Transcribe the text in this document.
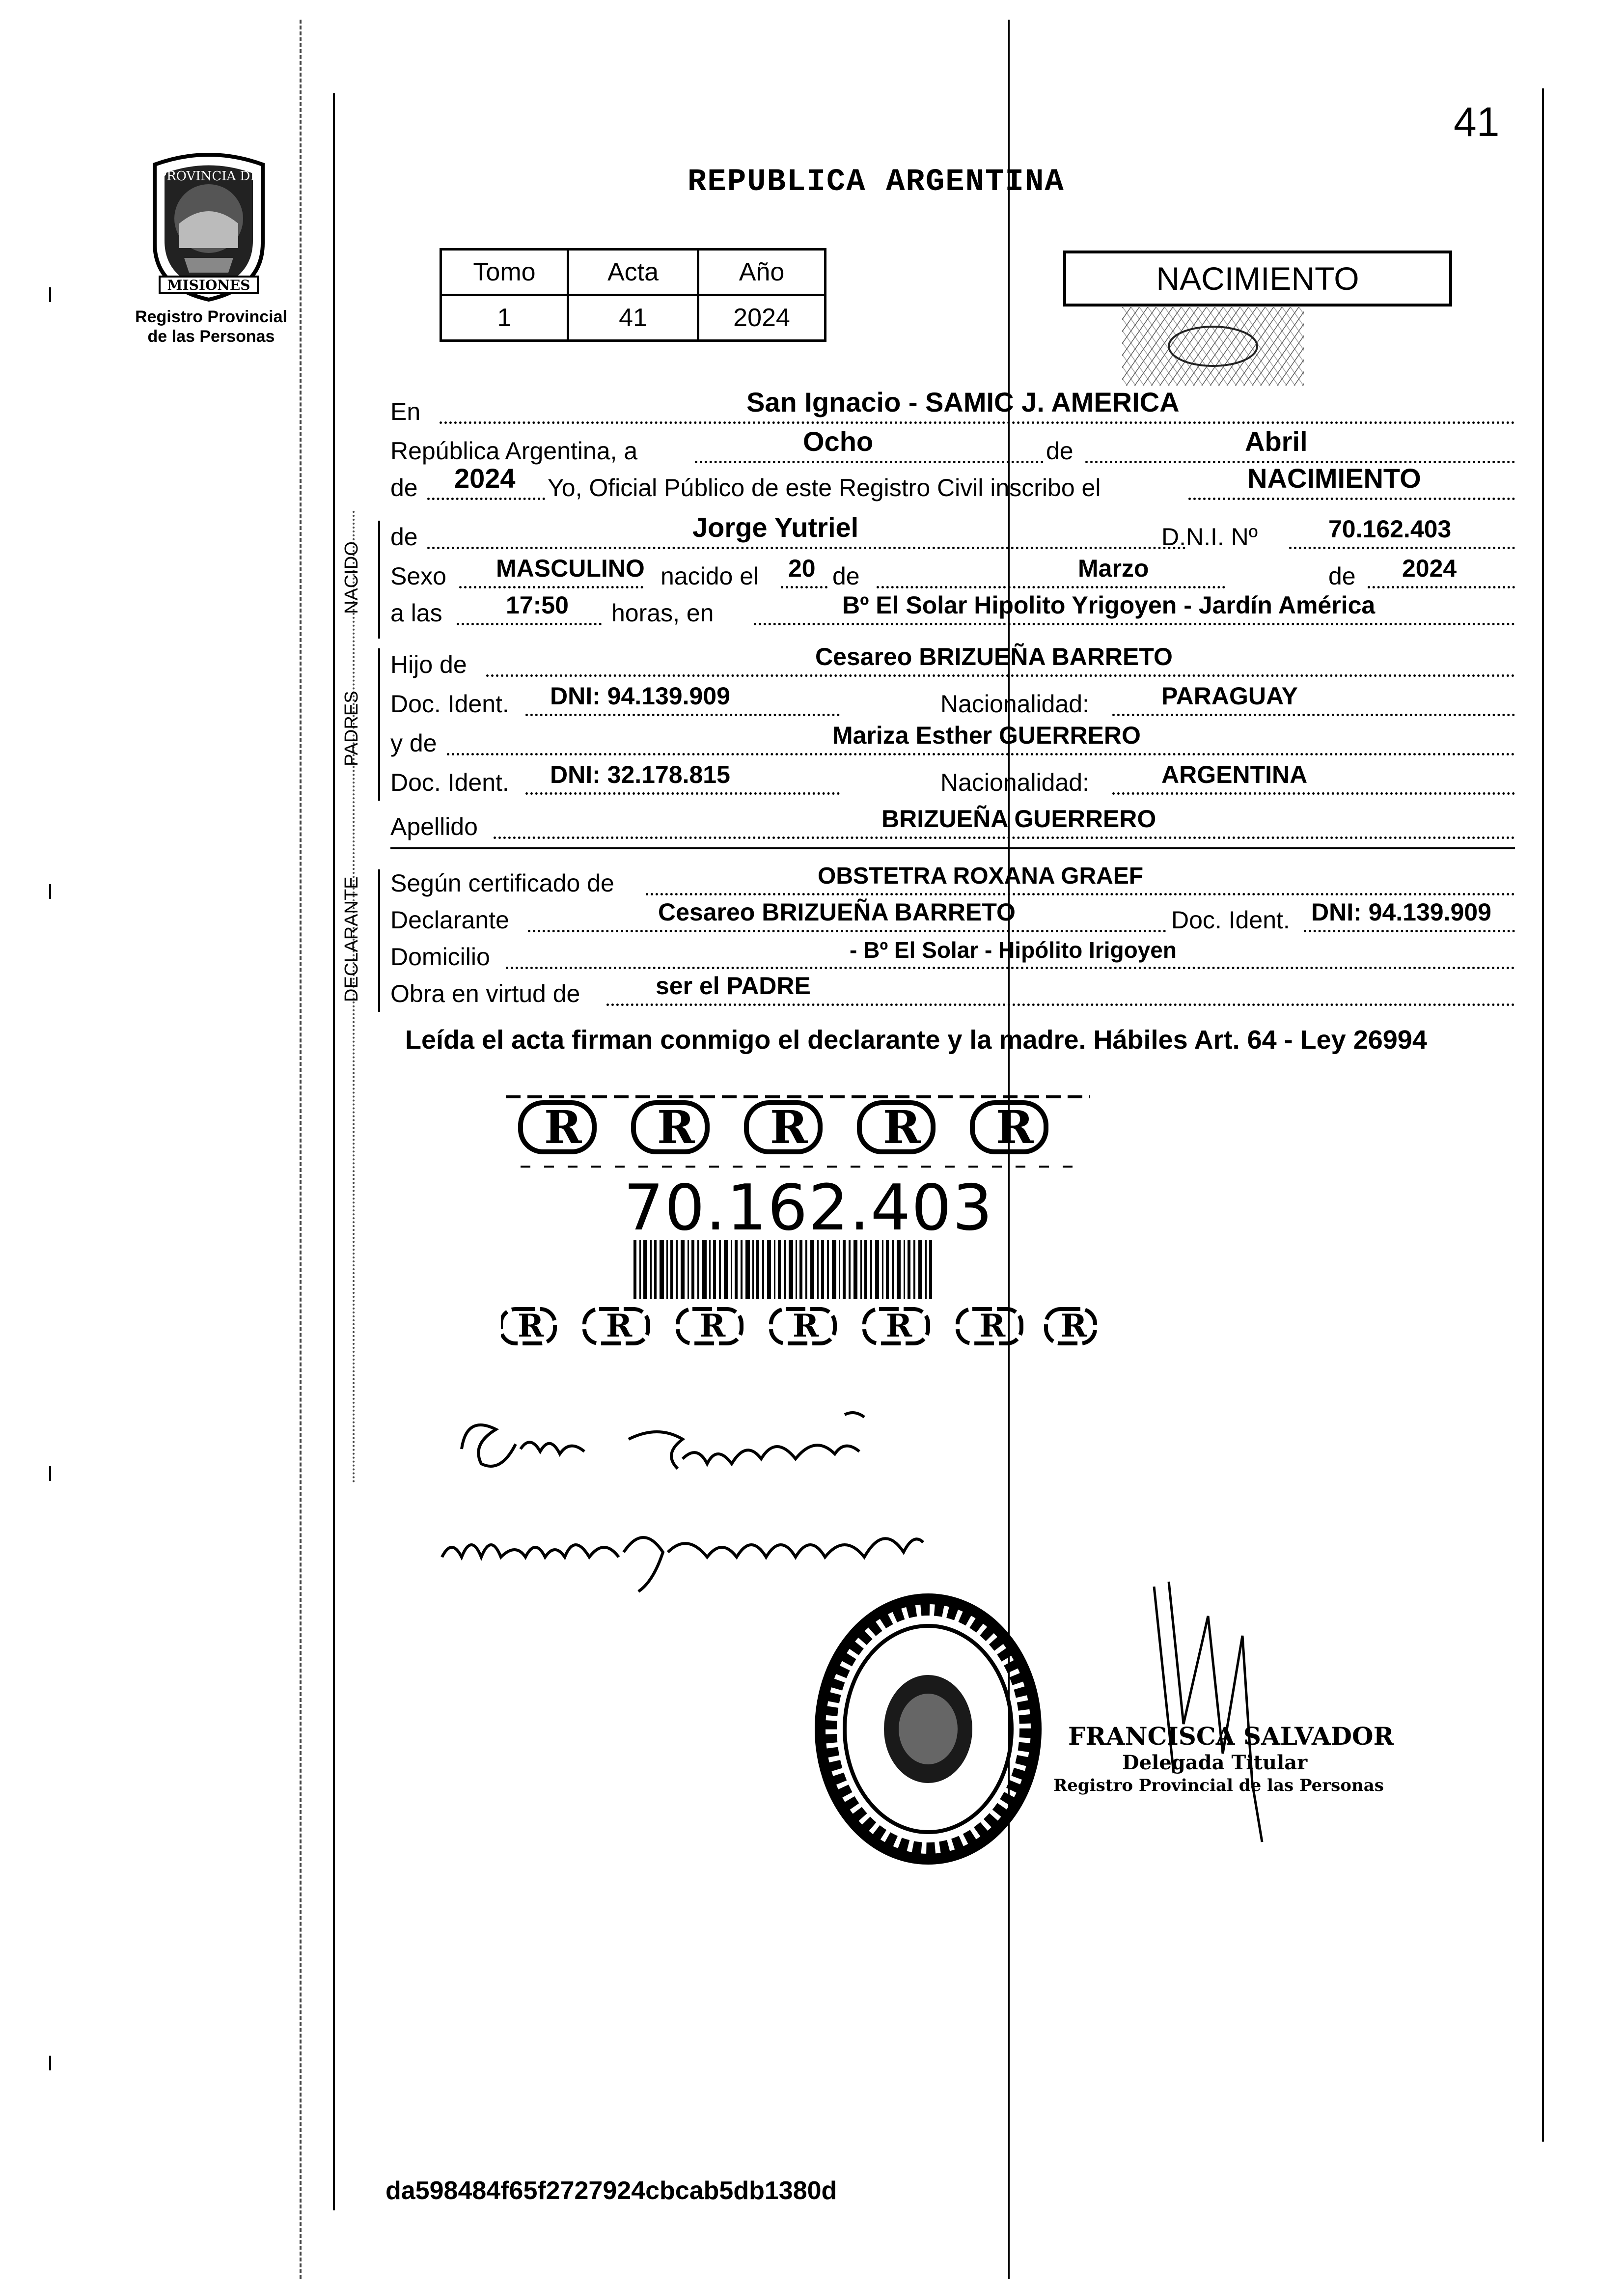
41
PROVINCIA DE
MISIONES
Registro Provincial
de las Personas
REPUBLICA ARGENTINA
Tomo	Acta	Año
1	41	2024
NACIMIENTO
En	San Ignacio - SAMIC J. AMERICA
República Argentina, a	Ocho	de	Abril
de 2024 Yo, Oficial Público de este Registro Civil inscribo el	NACIMIENTO
NACIDO
de	Jorge Yutriel	D.N.I. Nº	70.162.403
Sexo MASCULINO nacido el 20 de	Marzo	de 2024
a las	17:50 horas, en	Bº El Solar Hipolito Yrigoyen - Jardín América
PADRES
Hijo de	Cesareo BRIZUEÑA BARRETO
Doc. Ident. DNI: 94.139.909	Nacionalidad:	PARAGUAY
y de	Mariza Esther GUERRERO
Doc. Ident. DNI: 32.178.815	Nacionalidad:	ARGENTINA
Apellido	BRIZUEÑA GUERRERO
DECLARANTE Según certificado de	OBSTETRA ROXANA GRAEF
Declarante	Cesareo BRIZUEÑA BARRETO	Doc. Ident. DNI: 94.139.909
Domicilio	- Bº El Solar - Hipólito Irigoyen
Obra en virtud de	ser el PADRE
Leída el acta firman conmigo el declarante y la madre. Hábiles Art. 64 - Ley 26994
R R R R R
R R R R R R R
70.162.403
FRANCISCA SALVADOR
Delegada Titular
Registro Provincial de las Personas
da598484f65f2727924cbcab5db1380d
